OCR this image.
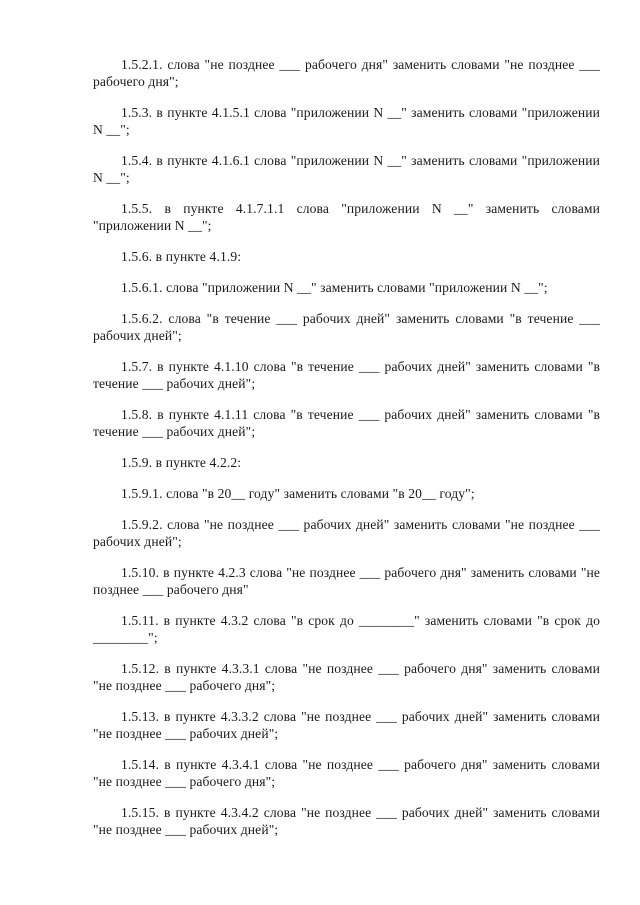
1.5.2.1. слова "не позднее ___ рабочего дня" заменить словами "не позднее ___ рабочего дня";

1.5.3. в пункте 4.1.5.1 слова "приложении N __" заменить словами "приложении N __";

1.5.4. в пункте 4.1.6.1 слова "приложении N __" заменить словами "приложении N __";

1.5.5. в пункте 4.1.7.1.1 слова "приложении N __" заменить словами "приложении N __";

1.5.6. в пункте 4.1.9:

1.5.6.1. слова "приложении N __" заменить словами "приложении N __";

1.5.6.2. слова "в течение ___ рабочих дней" заменить словами "в течение ___ рабочих дней";

1.5.7. в пункте 4.1.10 слова "в течение ___ рабочих дней" заменить словами "в течение ___ рабочих дней";

1.5.8. в пункте 4.1.11 слова "в течение ___ рабочих дней" заменить словами "в течение ___ рабочих дней";

1.5.9. в пункте 4.2.2:

1.5.9.1. слова "в 20__ году" заменить словами "в 20__ году";

1.5.9.2. слова "не позднее ___ рабочих дней" заменить словами "не позднее ___ рабочих дней";

1.5.10. в пункте 4.2.3 слова "не позднее ___ рабочего дня" заменить словами "не позднее ___ рабочего дня"

1.5.11. в пункте 4.3.2 слова "в срок до ________" заменить словами "в срок до ________";

1.5.12. в пункте 4.3.3.1 слова "не позднее ___ рабочего дня" заменить словами "не позднее ___ рабочего дня";

1.5.13. в пункте 4.3.3.2 слова "не позднее ___ рабочих дней" заменить словами "не позднее ___ рабочих дней";

1.5.14. в пункте 4.3.4.1 слова "не позднее ___ рабочего дня" заменить словами "не позднее ___ рабочего дня";

1.5.15. в пункте 4.3.4.2 слова "не позднее ___ рабочих дней" заменить словами "не позднее ___ рабочих дней";
